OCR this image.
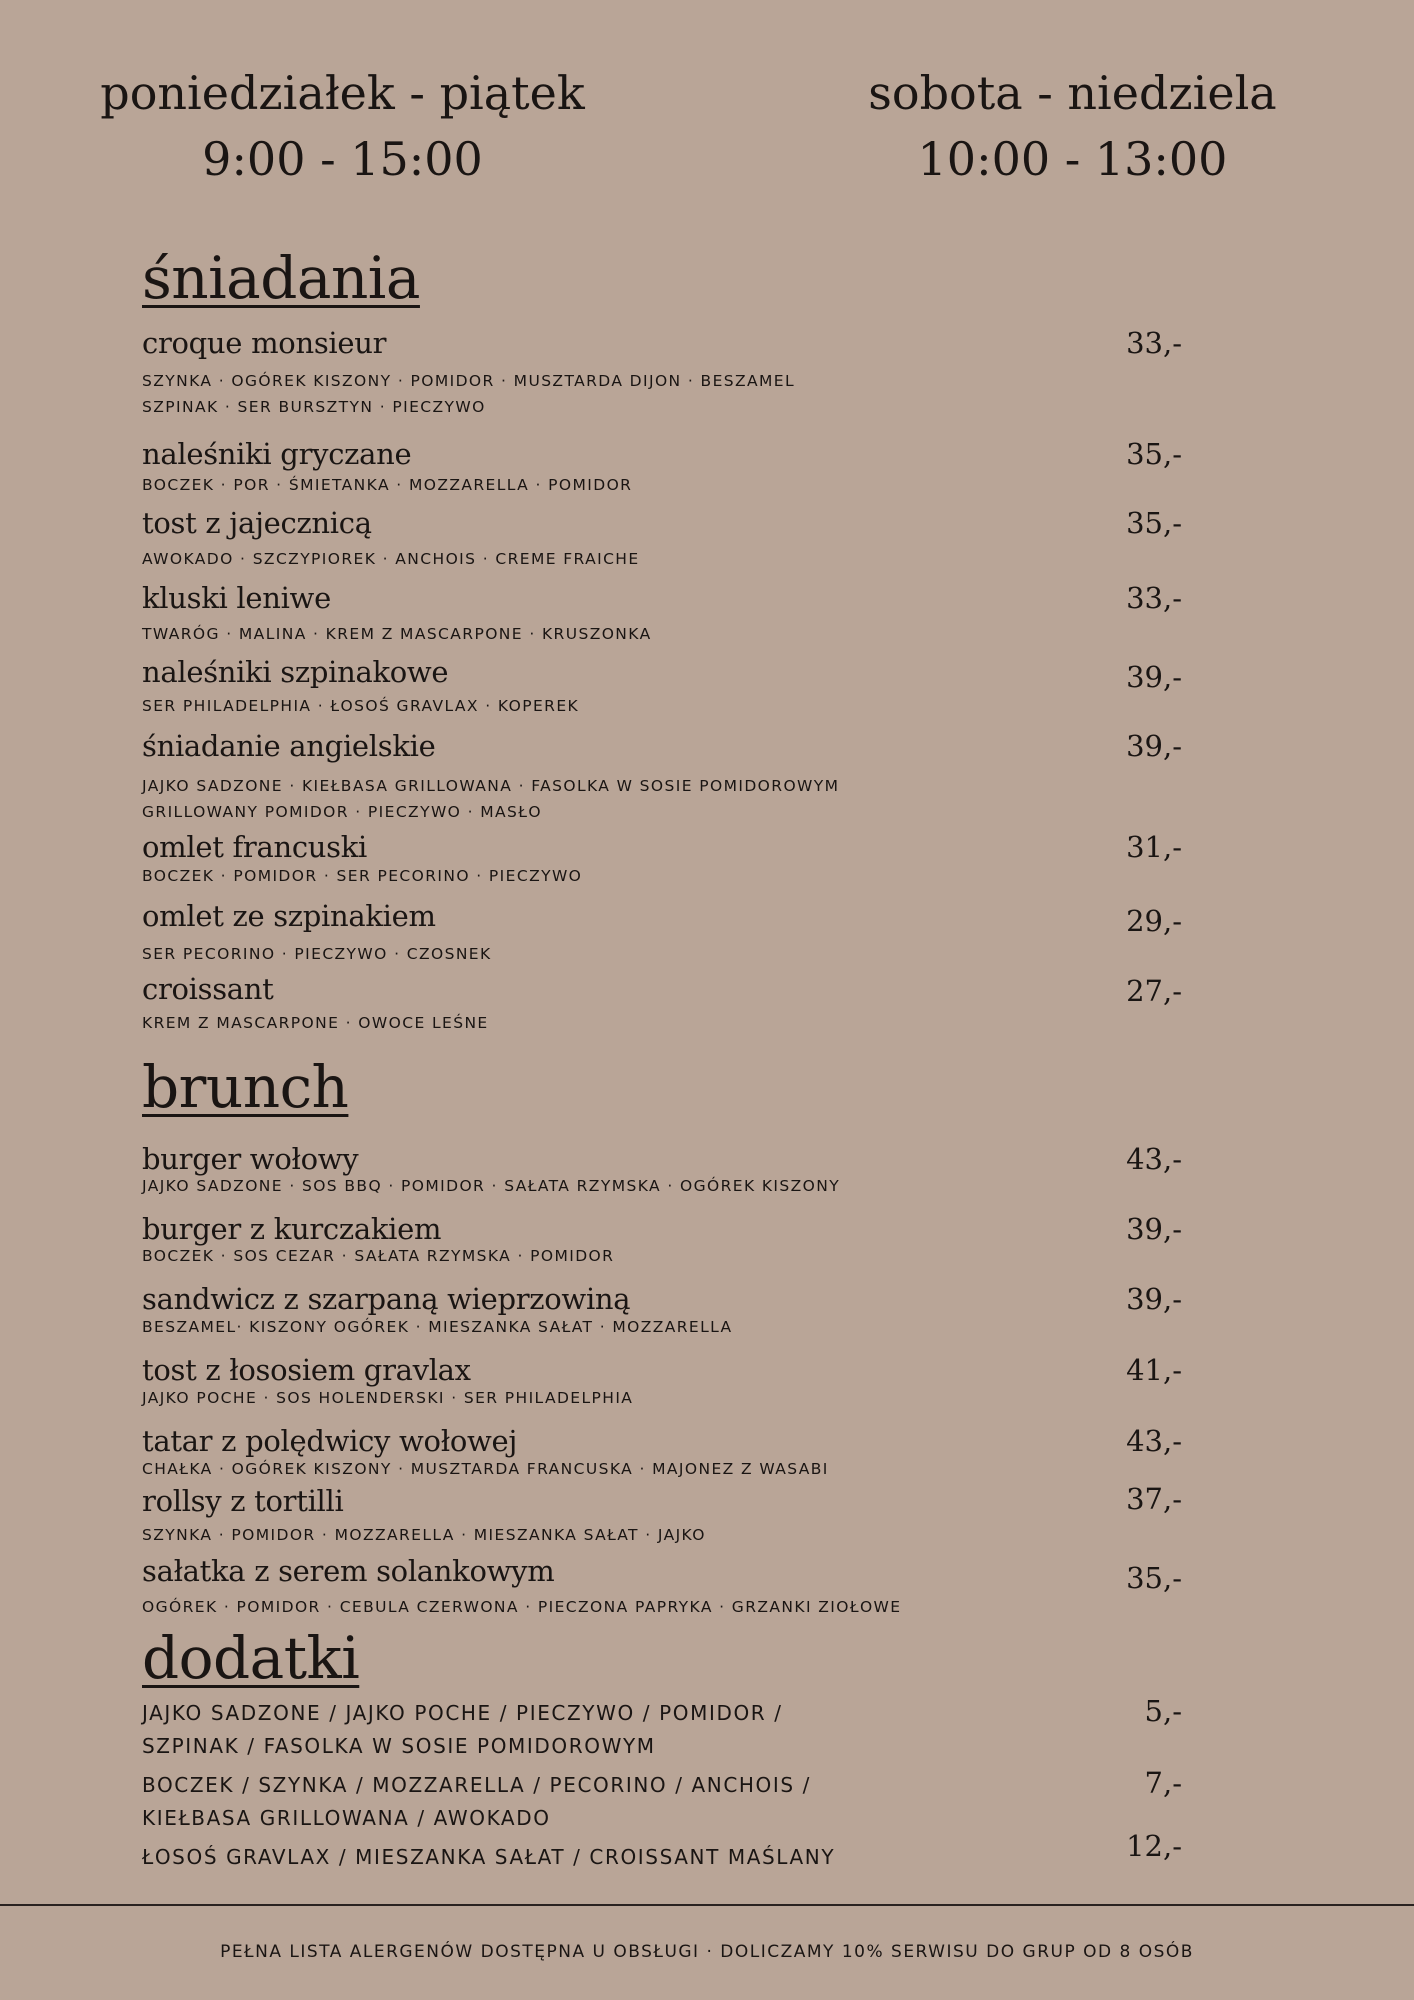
poniedziałek - piątek
9:00 - 15:00
sobota - niedziela
10:00 - 13:00
śniadania
croque monsieur	33,-
SZYNKA · OGÓREK KISZONY · POMIDOR · MUSZTARDA DIJON · BESZAMEL
SZPINAK · SER BURSZTYN · PIECZYWO
naleśniki gryczane	35,-
BOCZEK · POR · ŚMIETANKA · MOZZARELLA · POMIDOR
tost z jajecznicą	35,-
AWOKADO · SZCZYPIOREK · ANCHOIS · CREME FRAICHE
kluski leniwe	33,-
TWARÓG · MALINA · KREM Z MASCARPONE · KRUSZONKA
naleśniki szpinakowe	39,-
SER PHILADELPHIA · ŁOSOŚ GRAVLAX · KOPEREK
śniadanie angielskie	39,-
JAJKO SADZONE · KIEŁBASA GRILLOWANA · FASOLKA W SOSIE POMIDOROWYM
GRILLOWANY POMIDOR · PIECZYWO · MASŁO
omlet francuski	31,-
BOCZEK · POMIDOR · SER PECORINO · PIECZYWO
omlet ze szpinakiem	29,-
SER PECORINO · PIECZYWO · CZOSNEK
croissant	27,-
KREM Z MASCARPONE · OWOCE LEŚNE
brunch
burger wołowy	43,-
JAJKO SADZONE · SOS BBQ · POMIDOR · SAŁATA RZYMSKA · OGÓREK KISZONY
burger z kurczakiem	39,-
BOCZEK · SOS CEZAR · SAŁATA RZYMSKA · POMIDOR
sandwicz z szarpaną wieprzowiną	39,-
BESZAMEL· KISZONY OGÓREK · MIESZANKA SAŁAT · MOZZARELLA
tost z łososiem gravlax	41,-
JAJKO POCHE · SOS HOLENDERSKI · SER PHILADELPHIA
tatar z polędwicy wołowej	43,-
CHAŁKA · OGÓREK KISZONY · MUSZTARDA FRANCUSKA · MAJONEZ Z WASABI
rollsy z tortilli	37,-
SZYNKA · POMIDOR · MOZZARELLA · MIESZANKA SAŁAT · JAJKO
sałatka z serem solankowym	35,-
OGÓREK · POMIDOR · CEBULA CZERWONA · PIECZONA PAPRYKA · GRZANKI ZIOŁOWE
dodatki
JAJKO SADZONE / JAJKO POCHE / PIECZYWO / POMIDOR /
SZPINAK / FASOLKA W SOSIE POMIDOROWYM
5,-
BOCZEK / SZYNKA / MOZZARELLA / PECORINO / ANCHOIS /
KIEŁBASA GRILLOWANA / AWOKADO
7,-
ŁOSOŚ GRAVLAX / MIESZANKA SAŁAT / CROISSANT MAŚLANY	12,-
PEŁNA LISTA ALERGENÓW DOSTĘPNA U OBSŁUGI · DOLICZAMY 10% SERWISU DO GRUP OD 8 OSÓB
